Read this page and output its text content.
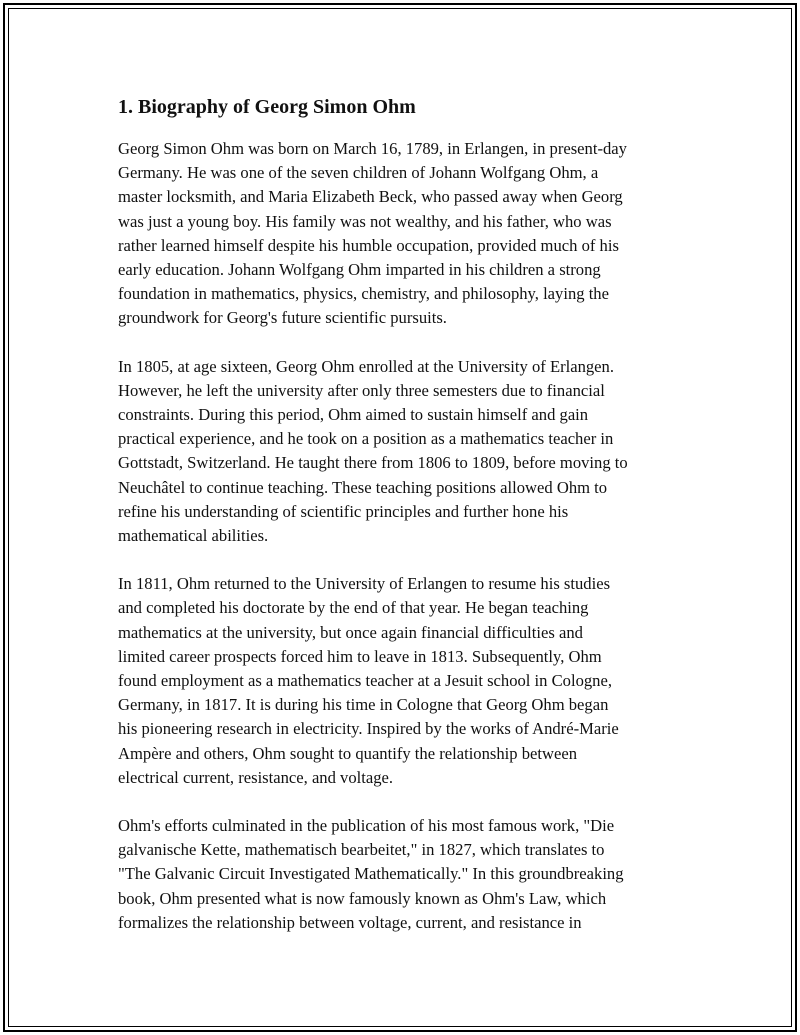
1. Biography of Georg Simon Ohm

Georg Simon Ohm was born on March 16, 1789, in Erlangen, in present-day
Germany. He was one of the seven children of Johann Wolfgang Ohm, a
master locksmith, and Maria Elizabeth Beck, who passed away when Georg
was just a young boy. His family was not wealthy, and his father, who was
rather learned himself despite his humble occupation, provided much of his
early education. Johann Wolfgang Ohm imparted in his children a strong
foundation in mathematics, physics, chemistry, and philosophy, laying the
groundwork for Georg's future scientific pursuits.

In 1805, at age sixteen, Georg Ohm enrolled at the University of Erlangen.
However, he left the university after only three semesters due to financial
constraints. During this period, Ohm aimed to sustain himself and gain
practical experience, and he took on a position as a mathematics teacher in
Gottstadt, Switzerland. He taught there from 1806 to 1809, before moving to
Neuchâtel to continue teaching. These teaching positions allowed Ohm to
refine his understanding of scientific principles and further hone his
mathematical abilities.

In 1811, Ohm returned to the University of Erlangen to resume his studies
and completed his doctorate by the end of that year. He began teaching
mathematics at the university, but once again financial difficulties and
limited career prospects forced him to leave in 1813. Subsequently, Ohm
found employment as a mathematics teacher at a Jesuit school in Cologne,
Germany, in 1817. It is during his time in Cologne that Georg Ohm began
his pioneering research in electricity. Inspired by the works of André-Marie
Ampère and others, Ohm sought to quantify the relationship between
electrical current, resistance, and voltage.

Ohm's efforts culminated in the publication of his most famous work, "Die
galvanische Kette, mathematisch bearbeitet," in 1827, which translates to
"The Galvanic Circuit Investigated Mathematically." In this groundbreaking
book, Ohm presented what is now famously known as Ohm's Law, which
formalizes the relationship between voltage, current, and resistance in
